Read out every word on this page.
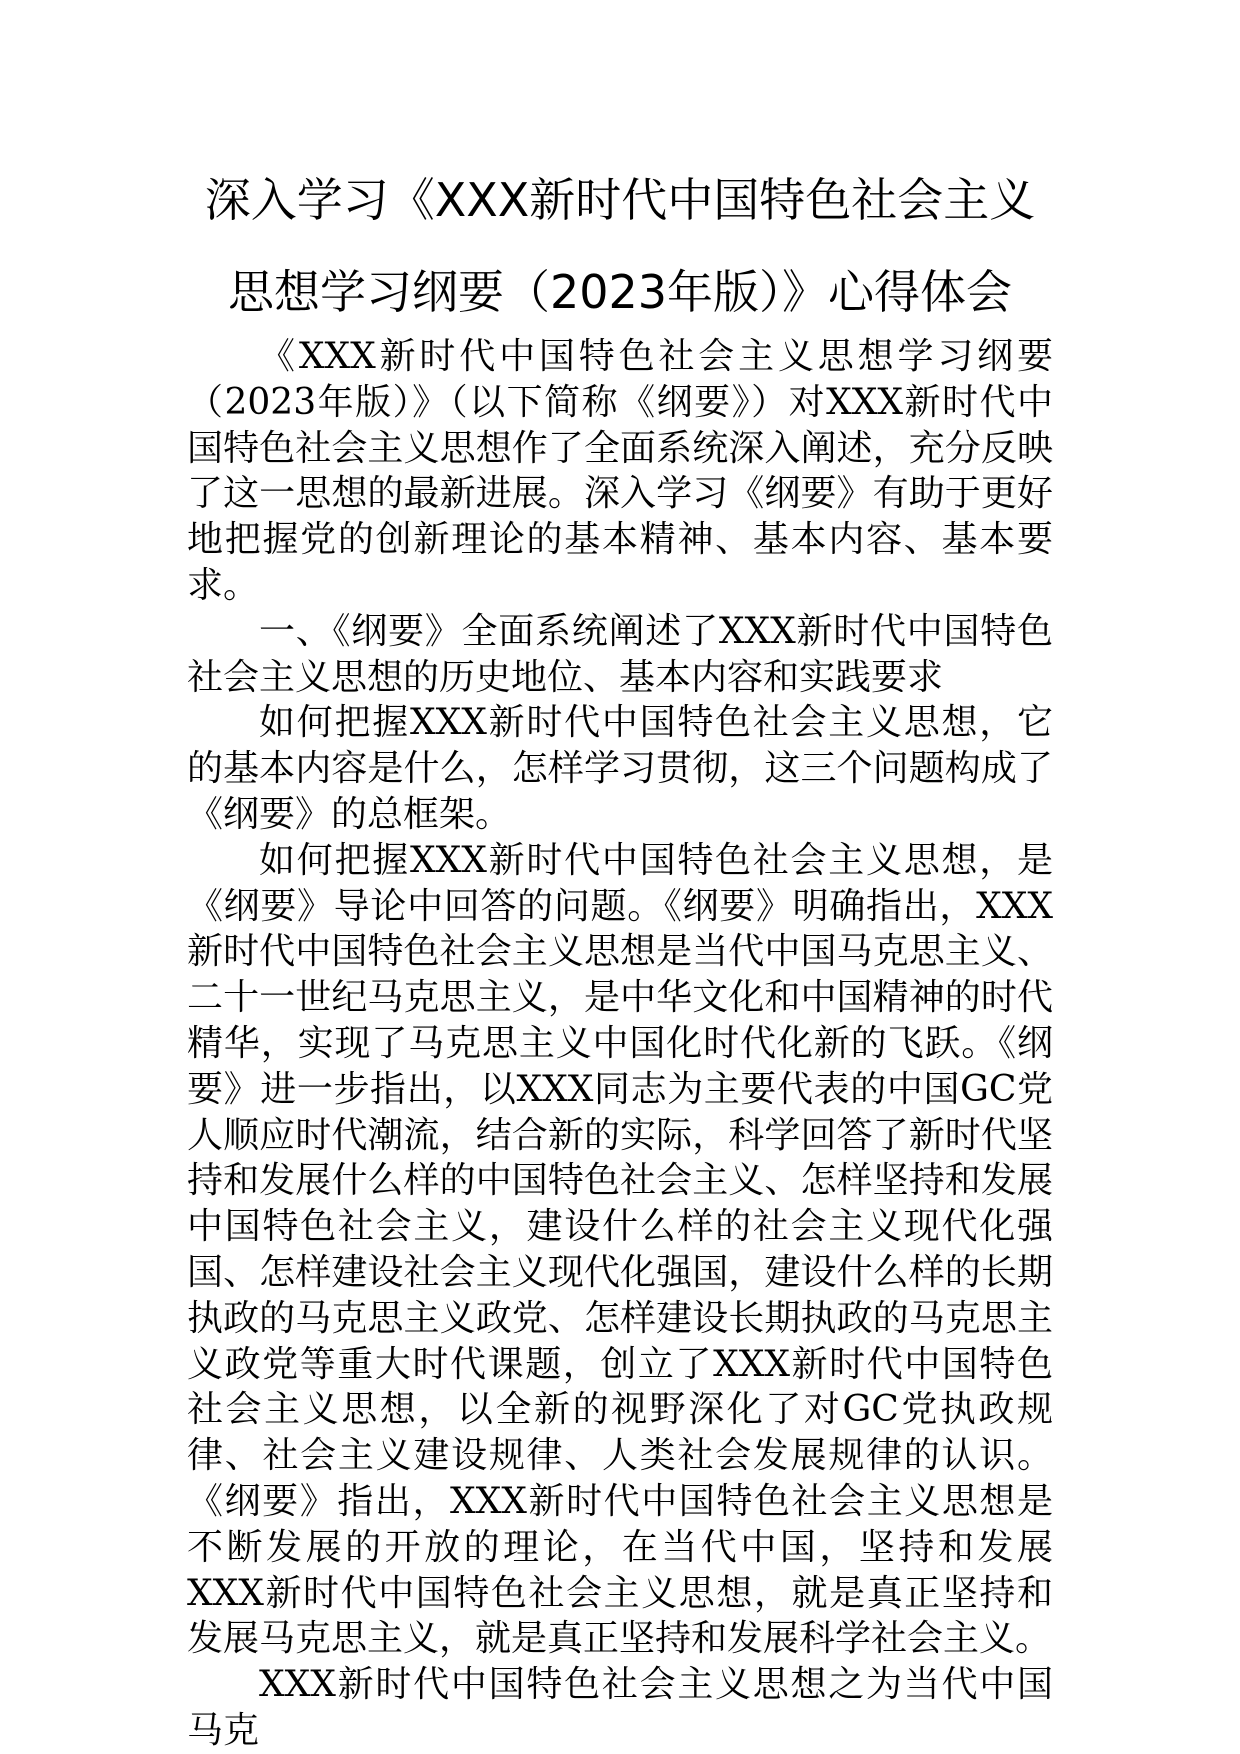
深入学习《XXX新时代中国特色社会主义
思想学习纲要（2023年版）》心得体会

《XXX新时代中国特色社会主义思想学习纲要（2023年版）》（以下简称《纲要》）对XXX新时代中国特色社会主义思想作了全面系统深入阐述，充分反映了这一思想的最新进展。深入学习《纲要》有助于更好地把握党的创新理论的基本精神、基本内容、基本要求。

一、《纲要》全面系统阐述了XXX新时代中国特色社会主义思想的历史地位、基本内容和实践要求

如何把握XXX新时代中国特色社会主义思想，它的基本内容是什么，怎样学习贯彻，这三个问题构成了《纲要》的总框架。

如何把握XXX新时代中国特色社会主义思想，是《纲要》导论中回答的问题。《纲要》明确指出，XXX新时代中国特色社会主义思想是当代中国马克思主义、二十一世纪马克思主义，是中华文化和中国精神的时代精华，实现了马克思主义中国化时代化新的飞跃。《纲要》进一步指出，以XXX同志为主要代表的中国GC党人顺应时代潮流，结合新的实际，科学回答了新时代坚持和发展什么样的中国特色社会主义、怎样坚持和发展中国特色社会主义，建设什么样的社会主义现代化强国、怎样建设社会主义现代化强国，建设什么样的长期执政的马克思主义政党、怎样建设长期执政的马克思主义政党等重大时代课题，创立了XXX新时代中国特色社会主义思想，以全新的视野深化了对GC党执政规律、社会主义建设规律、人类社会发展规律的认识。《纲要》指出，XXX新时代中国特色社会主义思想是不断发展的开放的理论，在当代中国，坚持和发展XXX新时代中国特色社会主义思想，就是真正坚持和发展马克思主义，就是真正坚持和发展科学社会主义。

XXX新时代中国特色社会主义思想之为当代中国马克
